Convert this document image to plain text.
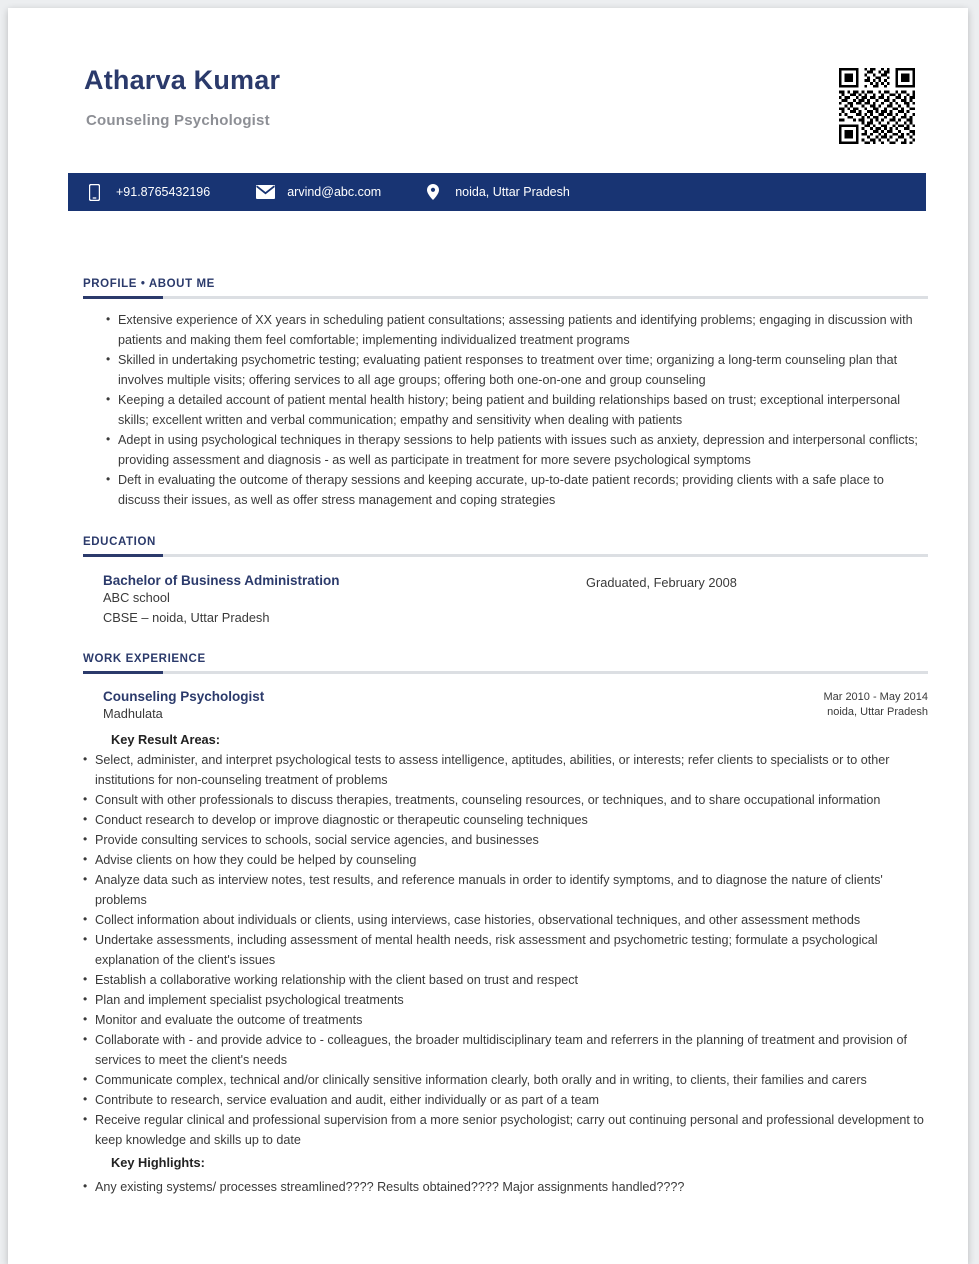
Atharva Kumar
Counseling Psychologist
+91.8765432196	arvind@abc.com	noida, Uttar Pradesh
PROFILE • ABOUT ME
• Extensive experience of XX years in scheduling patient consultations; assessing patients and identifying problems; engaging in discussion with patients and making them feel comfortable; implementing individualized treatment programs
• Skilled in undertaking psychometric testing; evaluating patient responses to treatment over time; organizing a long-term counseling plan that involves multiple visits; offering services to all age groups; offering both one-on-one and group counseling
• Keeping a detailed account of patient mental health history; being patient and building relationships based on trust; exceptional interpersonal skills; excellent written and verbal communication; empathy and sensitivity when dealing with patients
• Adept in using psychological techniques in therapy sessions to help patients with issues such as anxiety, depression and interpersonal conflicts; providing assessment and diagnosis - as well as participate in treatment for more severe psychological symptoms
• Deft in evaluating the outcome of therapy sessions and keeping accurate, up-to-date patient records; providing clients with a safe place to discuss their issues, as well as offer stress management and coping strategies
EDUCATION
Bachelor of Business Administration
ABC school
CBSE – noida, Uttar Pradesh
Graduated, February 2008
WORK EXPERIENCE
Counseling Psychologist
Madhulata
Mar 2010 - May 2014
noida, Uttar Pradesh
Key Result Areas:
• Select, administer, and interpret psychological tests to assess intelligence, aptitudes, abilities, or interests; refer clients to specialists or to other institutions for non-counseling treatment of problems
• Consult with other professionals to discuss therapies, treatments, counseling resources, or techniques, and to share occupational information
• Conduct research to develop or improve diagnostic or therapeutic counseling techniques
• Provide consulting services to schools, social service agencies, and businesses
• Advise clients on how they could be helped by counseling
• Analyze data such as interview notes, test results, and reference manuals in order to identify symptoms, and to diagnose the nature of clients' problems
• Collect information about individuals or clients, using interviews, case histories, observational techniques, and other assessment methods
• Undertake assessments, including assessment of mental health needs, risk assessment and psychometric testing; formulate a psychological explanation of the client's issues
• Establish a collaborative working relationship with the client based on trust and respect
• Plan and implement specialist psychological treatments
• Monitor and evaluate the outcome of treatments
• Collaborate with - and provide advice to - colleagues, the broader multidisciplinary team and referrers in the planning of treatment and provision of services to meet the client's needs
• Communicate complex, technical and/or clinically sensitive information clearly, both orally and in writing, to clients, their families and carers
• Contribute to research, service evaluation and audit, either individually or as part of a team
• Receive regular clinical and professional supervision from a more senior psychologist; carry out continuing personal and professional development to keep knowledge and skills up to date
Key Highlights:
• Any existing systems/ processes streamlined???? Results obtained???? Major assignments handled????
